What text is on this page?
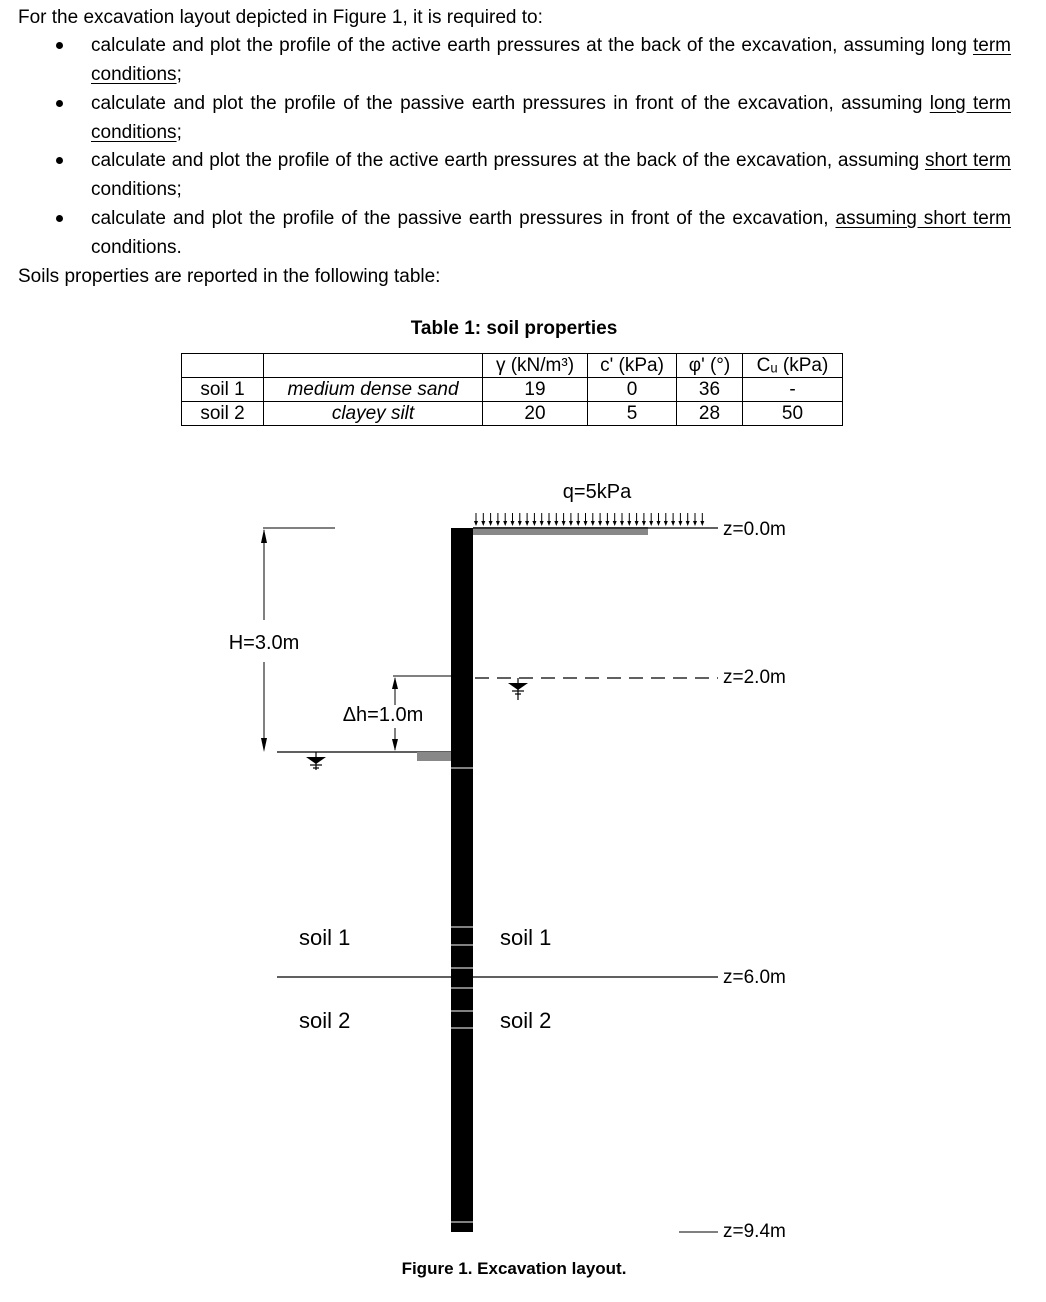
For the excavation layout depicted in Figure 1, it is required to:
calculate and plot the profile of the active earth pressures at the back of the excavation, assuming long term conditions;
calculate and plot the profile of the passive earth pressures in front of the excavation, assuming long term conditions;
calculate and plot the profile of the active earth pressures at the back of the excavation, assuming short term conditions;
calculate and plot the profile of the passive earth pressures in front of the excavation, assuming short term conditions.
Soils properties are reported in the following table:
Table 1: soil properties
		γ (kN/m³)	c' (kPa)	φ' (°)	Cᵤ (kPa)
soil 1	medium dense sand	19	0	36	-
soil 2	clayey silt	20	5	28	50
q=5kPa
H=3.0m
Δh=1.0m
z=0.0m
z=2.0m
z=6.0m
z=9.4m
soil 1
soil 2
soil 1
soil 2
Figure 1. Excavation layout.
